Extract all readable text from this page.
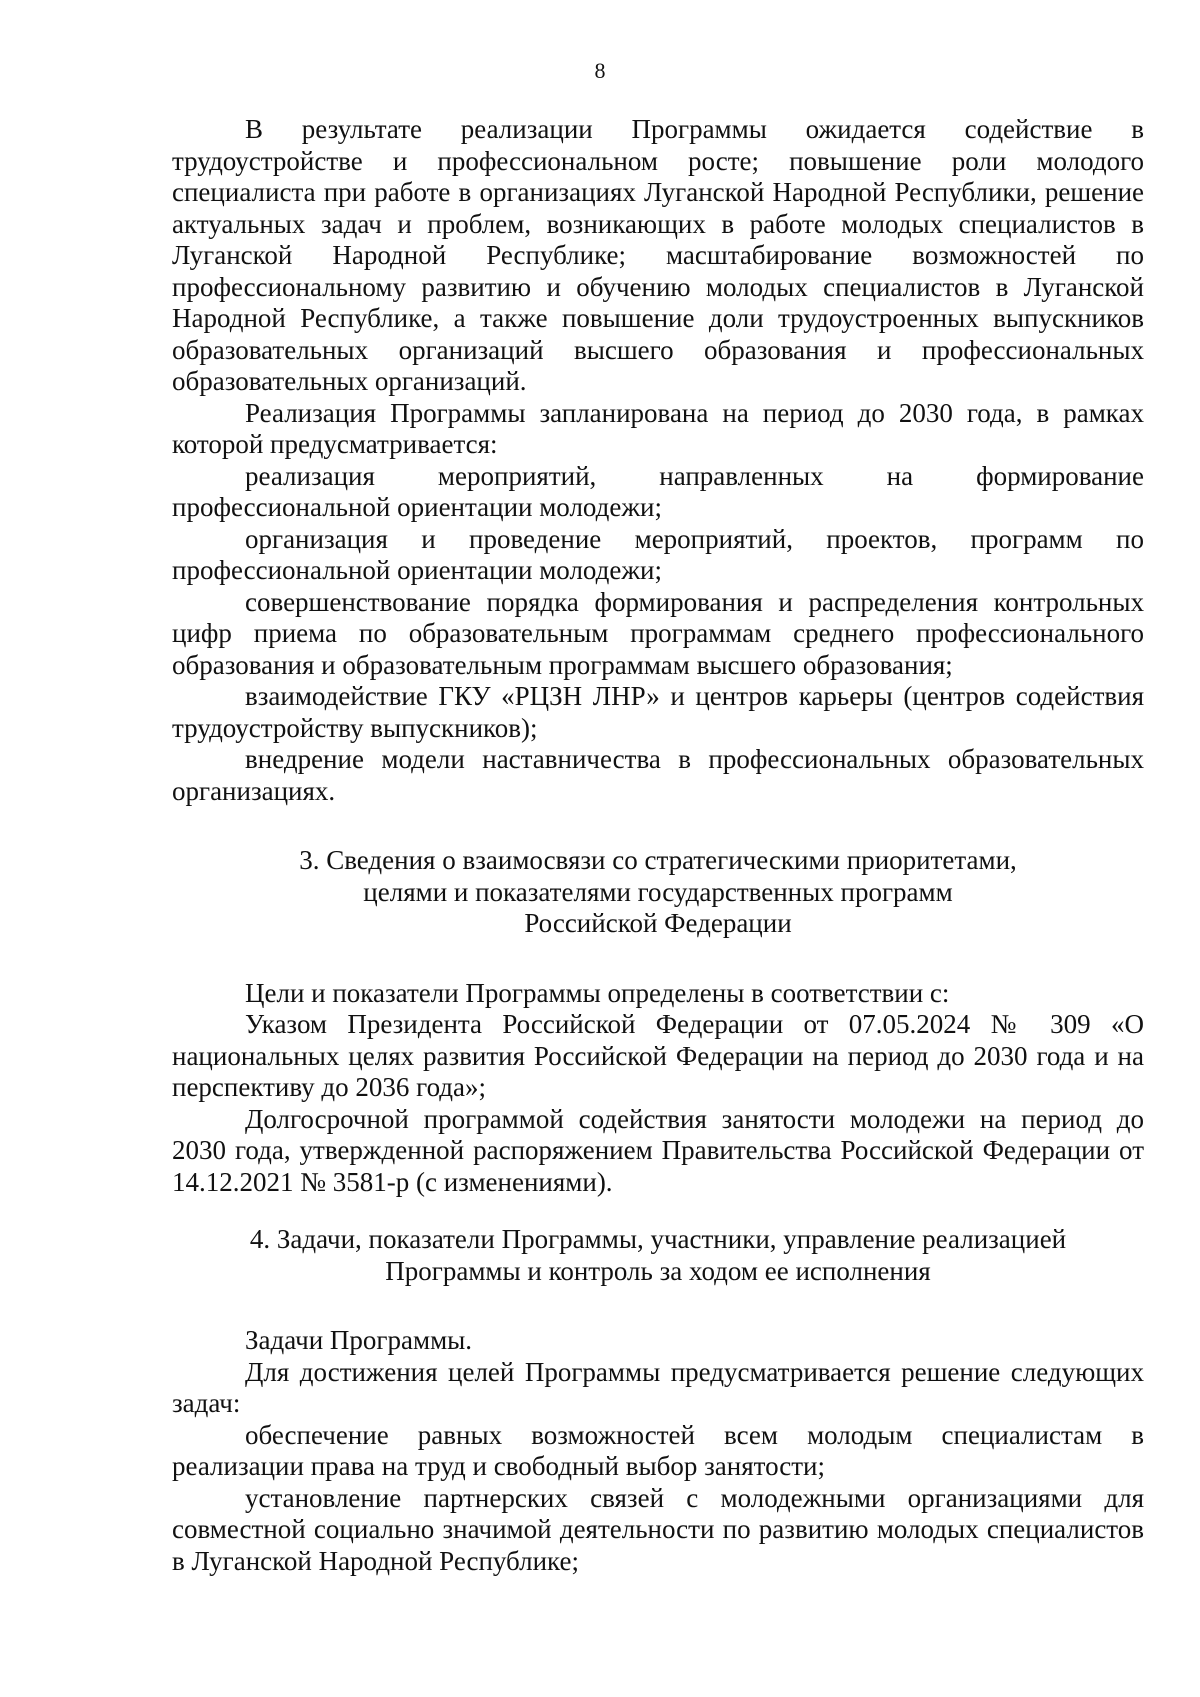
8

В результате реализации Программы ожидается содействие в трудоустройстве и профессиональном росте; повышение роли молодого специалиста при работе в организациях Луганской Народной Республики, решение актуальных задач и проблем, возникающих в работе молодых специалистов в Луганской Народной Республике; масштабирование возможностей по профессиональному развитию и обучению молодых специалистов в Луганской Народной Республике, а также повышение доли трудоустроенных выпускников образовательных организаций высшего образования и профессиональных образовательных организаций.

Реализация Программы запланирована на период до 2030 года, в рамках которой предусматривается:

реализация мероприятий, направленных на формирование профессиональной ориентации молодежи;

организация и проведение мероприятий, проектов, программ по профессиональной ориентации молодежи;

совершенствование порядка формирования и распределения контрольных цифр приема по образовательным программам среднего профессионального образования и образовательным программам высшего образования;

взаимодействие ГКУ «РЦЗН ЛНР» и центров карьеры (центров содействия трудоустройству выпускников);

внедрение модели наставничества в профессиональных образовательных организациях.

3. Сведения о взаимосвязи со стратегическими приоритетами,
целями и показателями государственных программ
Российской Федерации

Цели и показатели Программы определены в соответствии с:

Указом Президента Российской Федерации от 07.05.2024 № 309 «О национальных целях развития Российской Федерации на период до 2030 года и на перспективу до 2036 года»;

Долгосрочной программой содействия занятости молодежи на период до 2030 года, утвержденной распоряжением Правительства Российской Федерации от 14.12.2021 № 3581-р (с изменениями).

4. Задачи, показатели Программы, участники, управление реализацией
Программы и контроль за ходом ее исполнения

Задачи Программы.

Для достижения целей Программы предусматривается решение следующих задач:

обеспечение равных возможностей всем молодым специалистам в реализации права на труд и свободный выбор занятости;

установление партнерских связей с молодежными организациями для совместной социально значимой деятельности по развитию молодых специалистов в Луганской Народной Республике;
